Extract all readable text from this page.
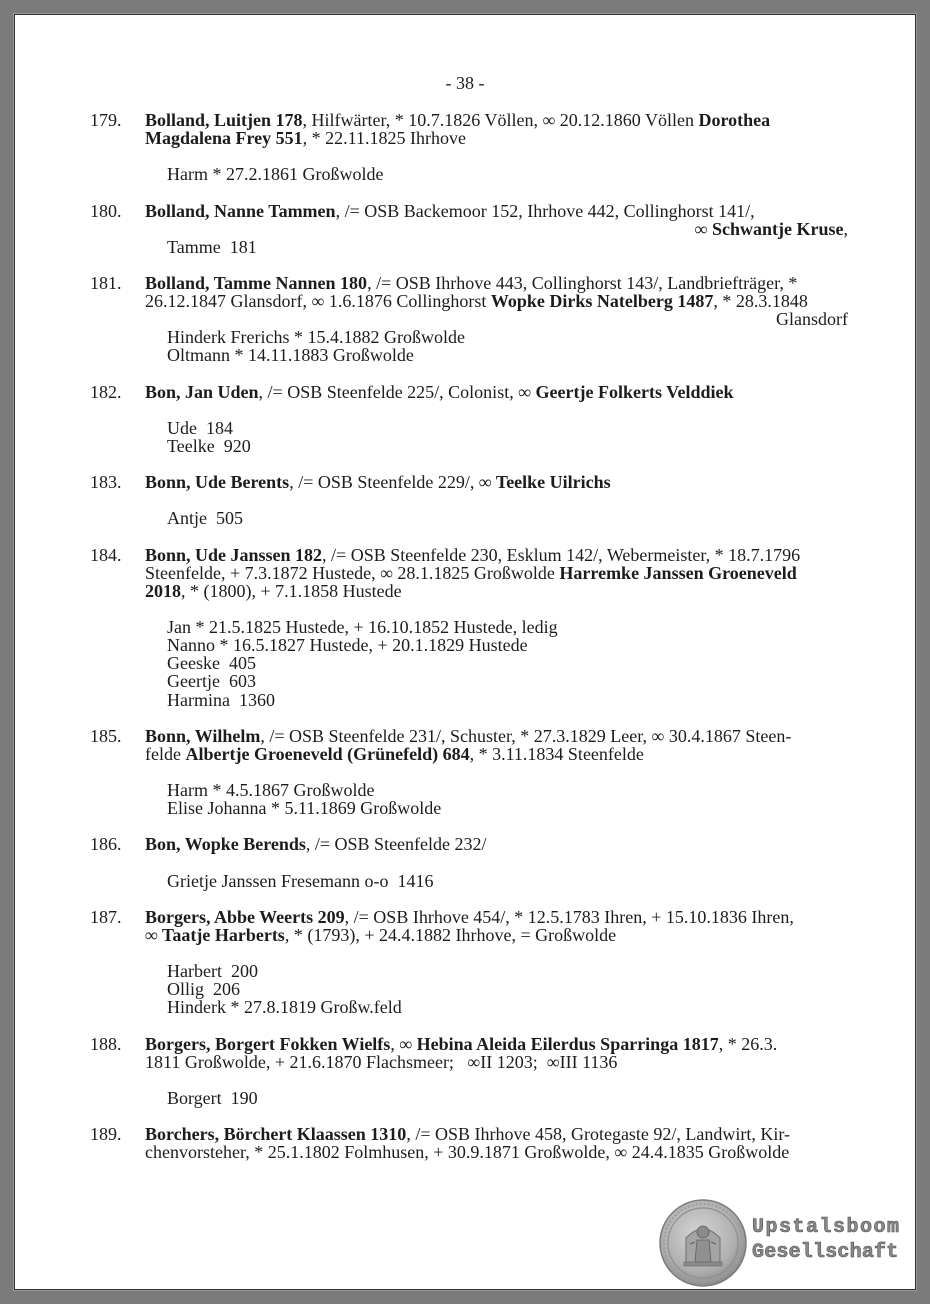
- 38 -
179. Bolland, Luitjen 178, Hilfwärter, * 10.7.1826 Völlen, ∞ 20.12.1860 Völlen Dorothea
Magdalena Frey 551, * 22.11.1825 Ihrhove
Harm * 27.2.1861 Großwolde
180. Bolland, Nanne Tammen, /= OSB Backemoor 152, Ihrhove 442, Collinghorst 141/,
∞ Schwantje Kruse,
Tamme  181
181. Bolland, Tamme Nannen 180, /= OSB Ihrhove 443, Collinghorst 143/, Landbriefträger, *
26.12.1847 Glansdorf, ∞ 1.6.1876 Collinghorst Wopke Dirks Natelberg 1487, * 28.3.1848
Glansdorf
Hinderk Frerichs * 15.4.1882 Großwolde
Oltmann * 14.11.1883 Großwolde
182. Bon, Jan Uden, /= OSB Steenfelde 225/, Colonist, ∞ Geertje Folkerts Velddiek
Ude  184
Teelke  920
183. Bonn, Ude Berents, /= OSB Steenfelde 229/, ∞ Teelke Uilrichs
Antje  505
184. Bonn, Ude Janssen 182, /= OSB Steenfelde 230, Esklum 142/, Webermeister, * 18.7.1796
Steenfelde, + 7.3.1872 Hustede, ∞ 28.1.1825 Großwolde Harremke Janssen Groeneveld
2018, * (1800), + 7.1.1858 Hustede
Jan * 21.5.1825 Hustede, + 16.10.1852 Hustede, ledig
Nanno * 16.5.1827 Hustede, + 20.1.1829 Hustede
Geeske  405
Geertje  603
Harmina  1360
185. Bonn, Wilhelm, /= OSB Steenfelde 231/, Schuster, * 27.3.1829 Leer, ∞ 30.4.1867 Steen-
felde Albertje Groeneveld (Grünefeld) 684, * 3.11.1834 Steenfelde
Harm * 4.5.1867 Großwolde
Elise Johanna * 5.11.1869 Großwolde
186. Bon, Wopke Berends, /= OSB Steenfelde 232/
Grietje Janssen Fresemann o-o  1416
187. Borgers, Abbe Weerts 209, /= OSB Ihrhove 454/, * 12.5.1783 Ihren, + 15.10.1836 Ihren,
∞ Taatje Harberts, * (1793), + 24.4.1882 Ihrhove, = Großwolde
Harbert  200
Ollig  206
Hinderk * 27.8.1819 Großw.feld
188. Borgers, Borgert Fokken Wielfs, ∞ Hebina Aleida Eilerdus Sparringa 1817, * 26.3.
1811 Großwolde, + 21.6.1870 Flachsmeer;   ∞II 1203;  ∞III 1136
Borgert  190
189. Borchers, Börchert Klaassen 1310, /= OSB Ihrhove 458, Grotegaste 92/, Landwirt, Kir-
chenvorsteher, * 25.1.1802 Folmhusen, + 30.9.1871 Großwolde, ∞ 24.4.1835 Großwolde
Upstalsboom
Gesellschaft
